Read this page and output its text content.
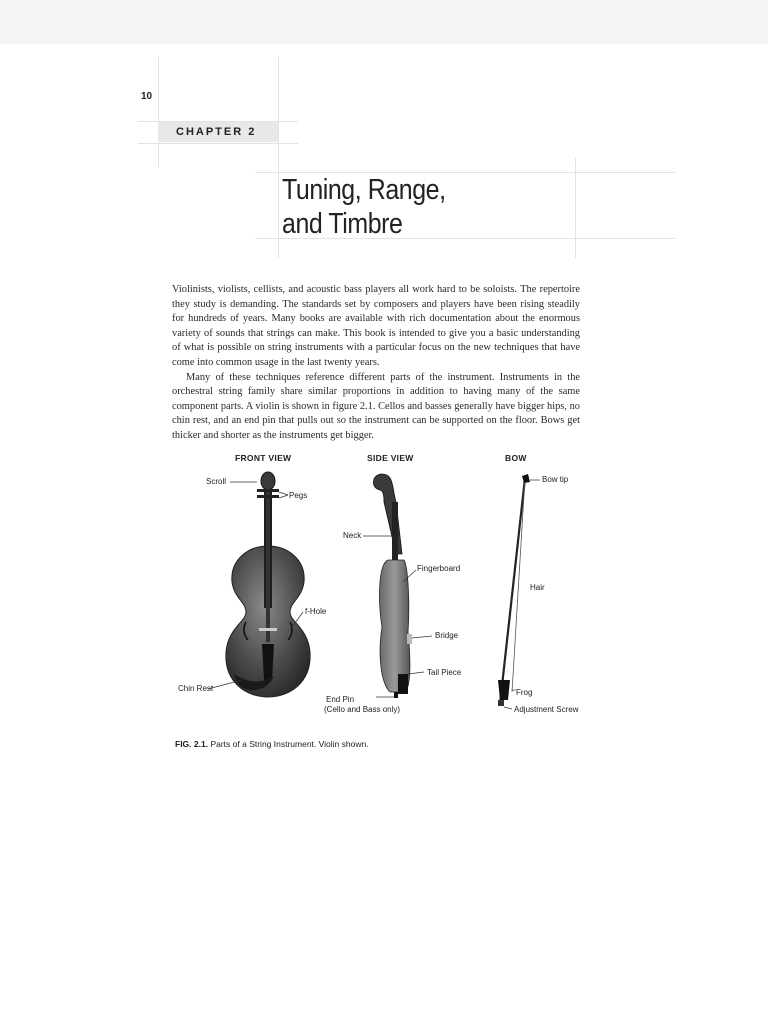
10
CHAPTER 2
Tuning, Range,
and Timbre

Violinists, violists, cellists, and acoustic bass players all work hard to be soloists. The repertoire they study is demanding. The standards set by composers and players have been rising steadily for hundreds of years. Many books are available with rich documentation about the enormous variety of sounds that strings can make. This book is intended to give you a basic understanding of what is possible on string instruments with a particular focus on the new techniques that have come into common usage in the last twenty years.

Many of these techniques reference different parts of the instrument. Instruments in the orchestral string family share similar proportions in addition to having many of the same component parts. A violin is shown in figure 2.1. Cellos and basses generally have bigger hips, no chin rest, and an end pin that pulls out so the instrument can be supported on the floor. Bows get thicker and shorter as the instruments get bigger.

FRONT VIEW	SIDE VIEW	BOW
Scroll
Pegs
f-Hole
Chin Rest
Neck
Fingerboard
Bridge
Tail Piece
End Pin
(Cello and Bass only)
Bow tip
Hair
Frog
Adjustment Screw
FIG. 2.1. Parts of a String Instrument. Violin shown.
